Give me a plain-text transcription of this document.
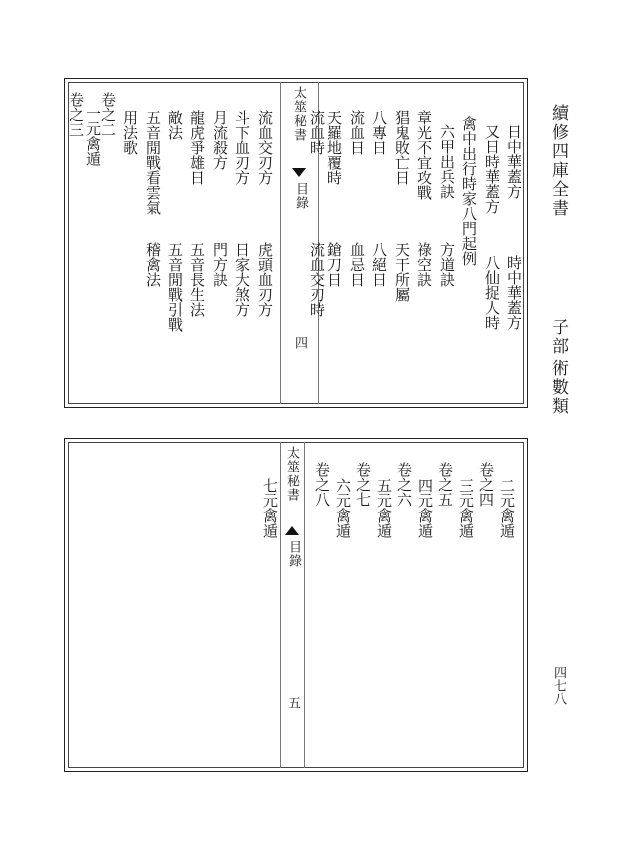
續修四庫全書
子部
術數類
四七八
太筮秘書
目錄
四
日中華蓋方
時中華蓋方
又日時華蓋方
八仙捉人時
禽中出行時家八門起例
六甲出兵訣
方道訣
章光不宜攻戰
祿空訣
猖鬼敗亡日
天干所屬
八專日
八絕日
流血日
血忌日
天羅地覆時
鎗刀日
流血時
流血交刃時
流血交刃方
虎頭血刃方
斗下血刃方
日家大煞方
月流殺方
門方訣
龍虎爭雄日
五音長生法
敵法
五音閒戰引戰
五音閒戰看雲氣
稽禽法
用法歌
卷之二
一元禽遁
卷之三
太筮秘書
目錄
五
二元禽遁
卷之四
三元禽遁
卷之五
四元禽遁
卷之六
五元禽遁
卷之七
六元禽遁
卷之八
七元禽遁
